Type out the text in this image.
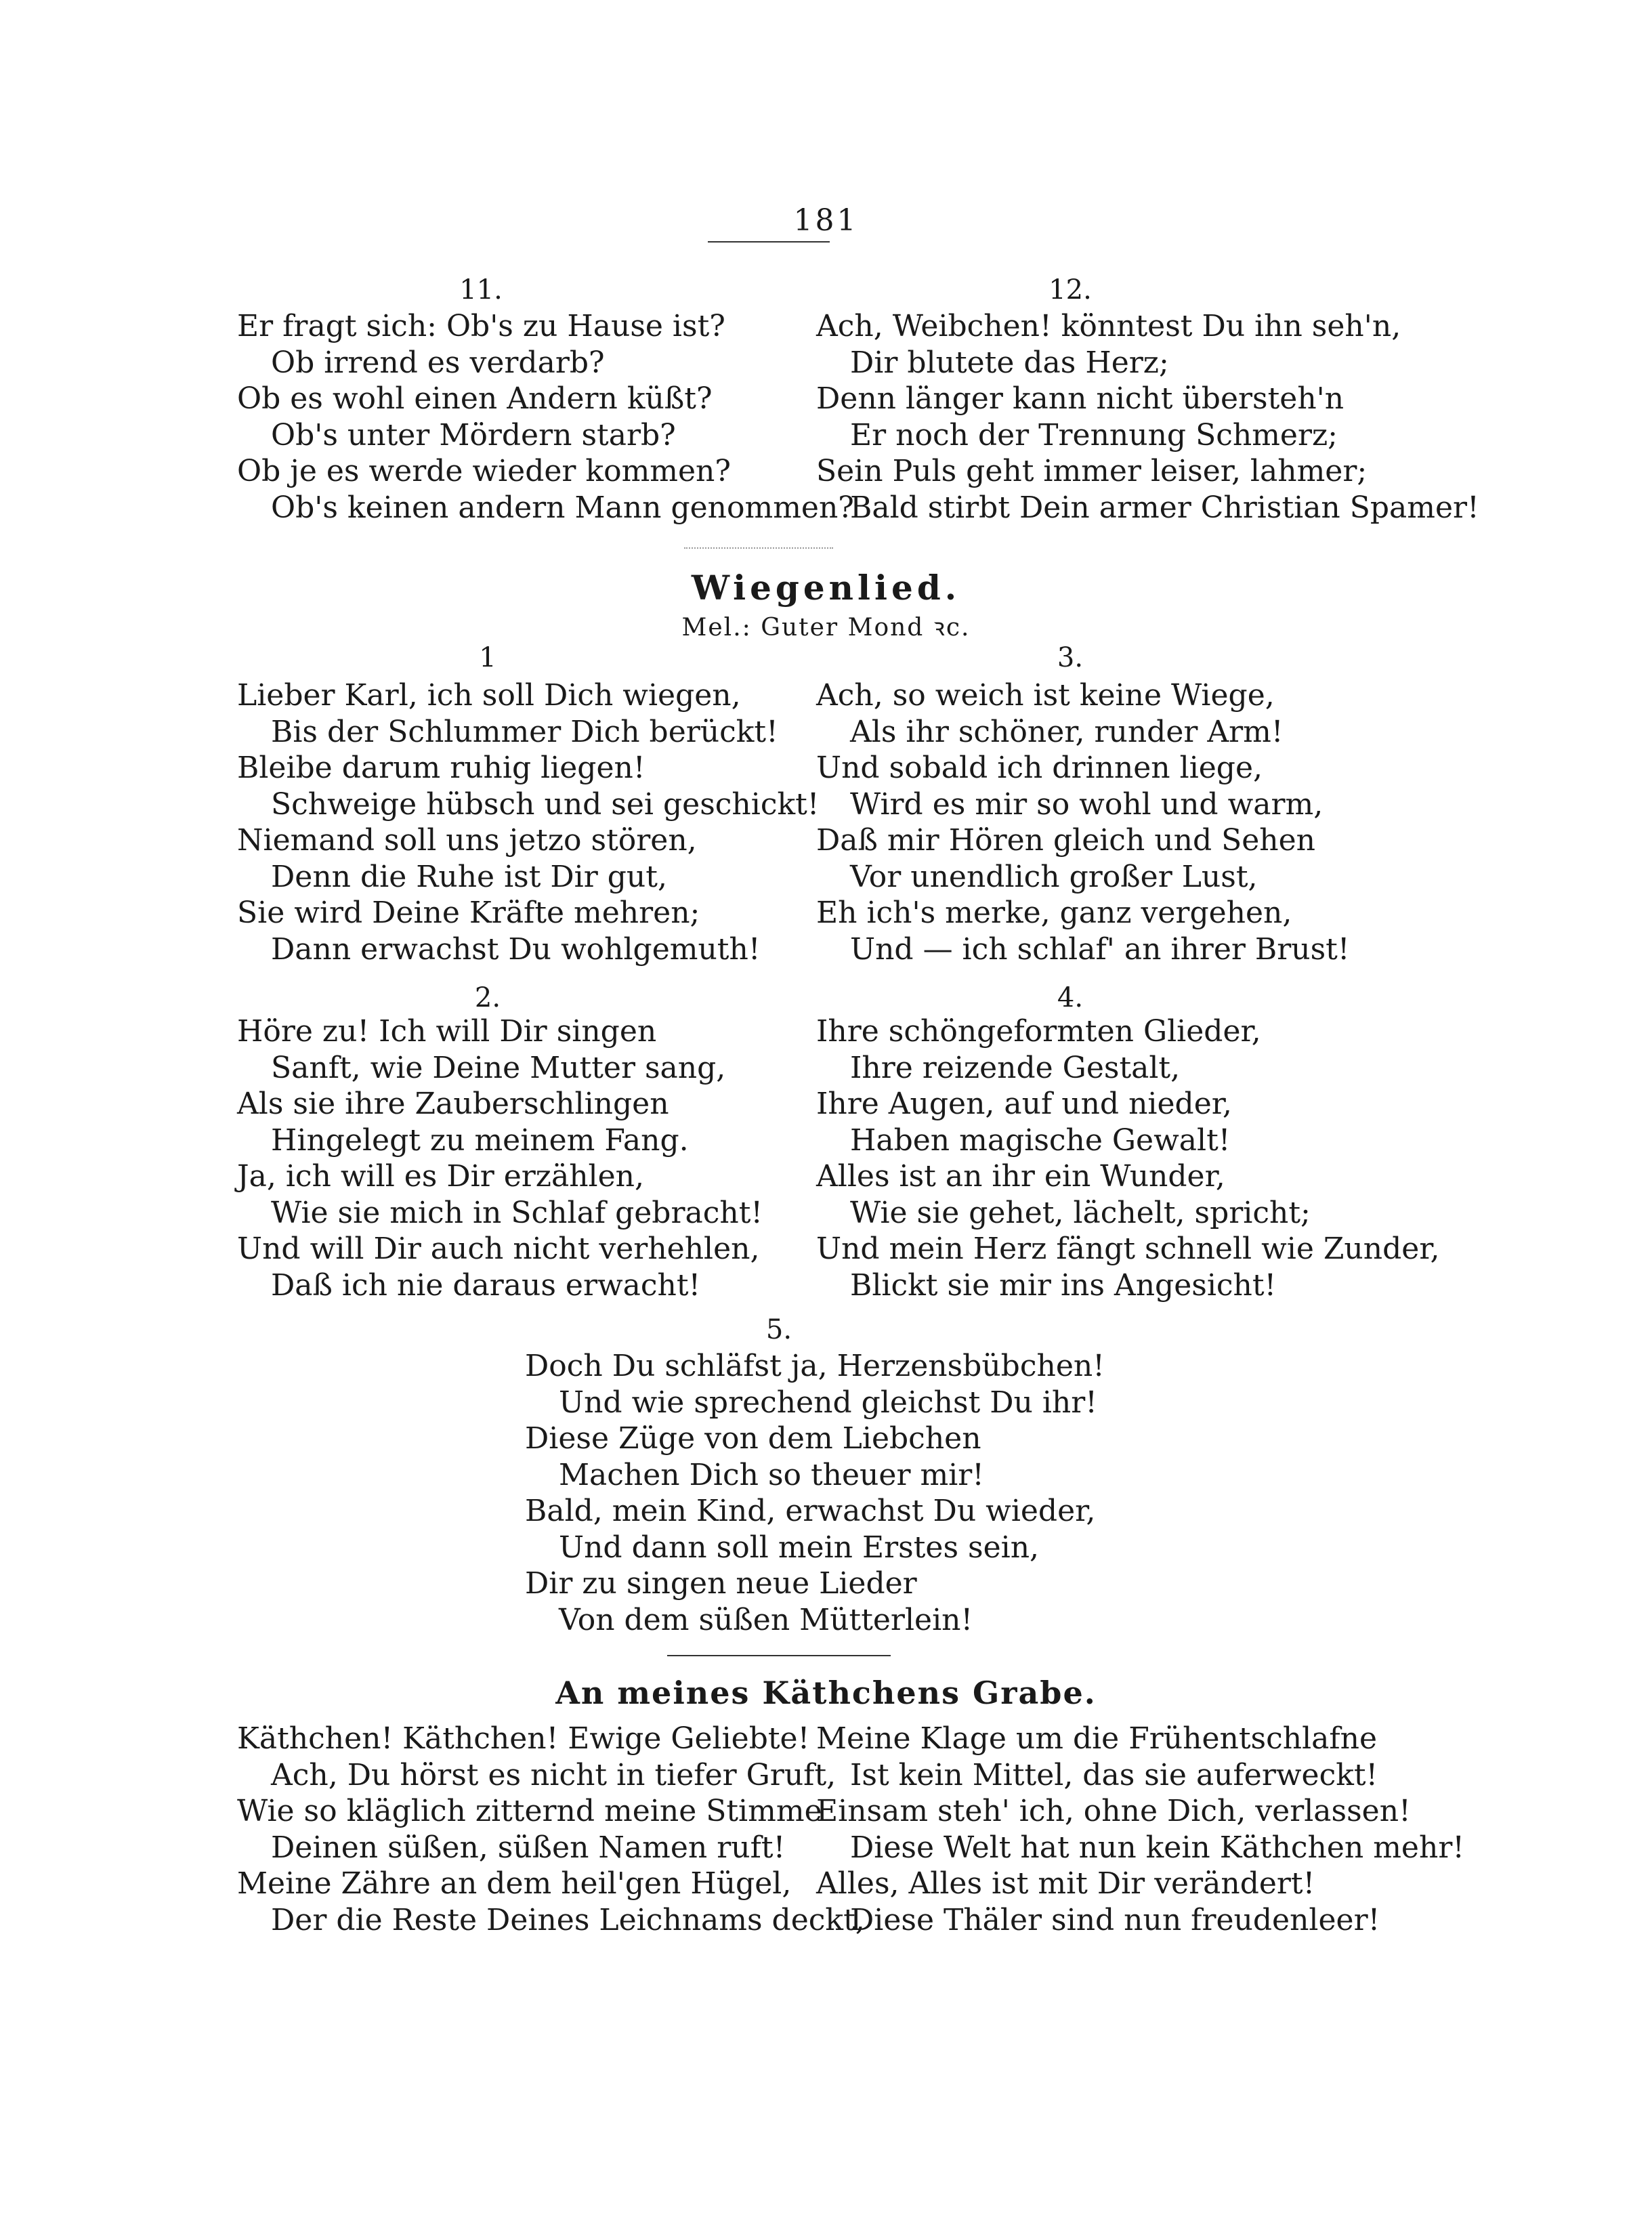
181
11.
Er fragt sich: Ob's zu Hause ist?
Ob irrend es verdarb?
Ob es wohl einen Andern küßt?
Ob's unter Mördern starb?
Ob je es werde wieder kommen?
Ob's keinen andern Mann genommen?
12.
Ach, Weibchen! könntest Du ihn seh'n,
Dir blutete das Herz;
Denn länger kann nicht übersteh'n
Er noch der Trennung Schmerz;
Sein Puls geht immer leiser, lahmer;
Bald stirbt Dein armer Christian Spamer!
Wiegenlied.
Mel.: Guter Mond ꝛc.
1
Lieber Karl, ich soll Dich wiegen,
Bis der Schlummer Dich berückt!
Bleibe darum ruhig liegen!
Schweige hübsch und sei geschickt!
Niemand soll uns jetzo stören,
Denn die Ruhe ist Dir gut,
Sie wird Deine Kräfte mehren;
Dann erwachst Du wohlgemuth!
3.
Ach, so weich ist keine Wiege,
Als ihr schöner, runder Arm!
Und sobald ich drinnen liege,
Wird es mir so wohl und warm,
Daß mir Hören gleich und Sehen
Vor unendlich großer Lust,
Eh ich's merke, ganz vergehen,
Und — ich schlaf' an ihrer Brust!
2.
Höre zu! Ich will Dir singen
Sanft, wie Deine Mutter sang,
Als sie ihre Zauberschlingen
Hingelegt zu meinem Fang.
Ja, ich will es Dir erzählen,
Wie sie mich in Schlaf gebracht!
Und will Dir auch nicht verhehlen,
Daß ich nie daraus erwacht!
4.
Ihre schöngeformten Glieder,
Ihre reizende Gestalt,
Ihre Augen, auf und nieder,
Haben magische Gewalt!
Alles ist an ihr ein Wunder,
Wie sie gehet, lächelt, spricht;
Und mein Herz fängt schnell wie Zunder,
Blickt sie mir ins Angesicht!
5.
Doch Du schläfst ja, Herzensbübchen!
Und wie sprechend gleichst Du ihr!
Diese Züge von dem Liebchen
Machen Dich so theuer mir!
Bald, mein Kind, erwachst Du wieder,
Und dann soll mein Erstes sein,
Dir zu singen neue Lieder
Von dem süßen Mütterlein!
An meines Käthchens Grabe.
Käthchen! Käthchen! Ewige Geliebte!
Ach, Du hörst es nicht in tiefer Gruft,
Wie so kläglich zitternd meine Stimme
Deinen süßen, süßen Namen ruft!
Meine Zähre an dem heil'gen Hügel,
Der die Reste Deines Leichnams deckt,
Meine Klage um die Frühentschlafne
Ist kein Mittel, das sie auferweckt!
Einsam steh' ich, ohne Dich, verlassen!
Diese Welt hat nun kein Käthchen mehr!
Alles, Alles ist mit Dir verändert!
Diese Thäler sind nun freudenleer!
